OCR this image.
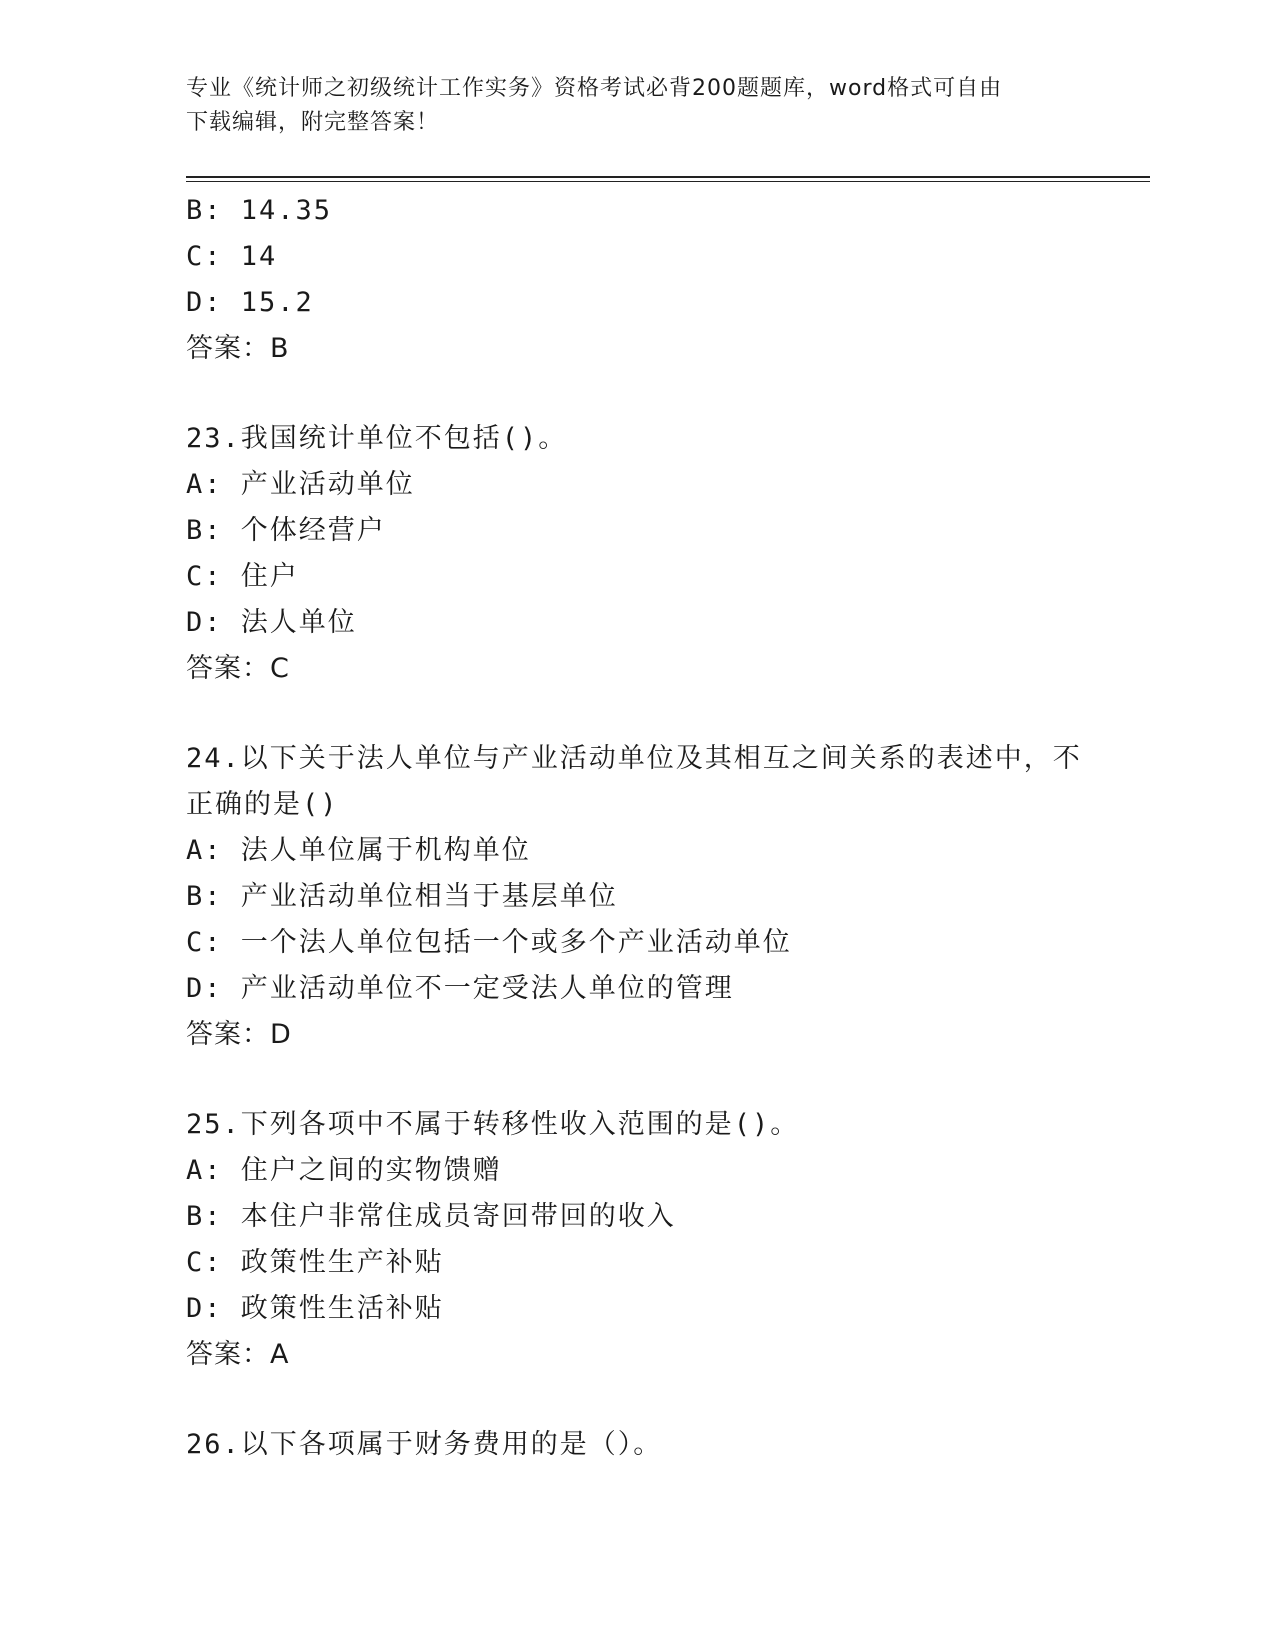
专业《统计师之初级统计工作实务》资格考试必背200题题库，word格式可自由
下载编辑，附完整答案！
B: 14.35
C: 14
D: 15.2
答案：B
23.我国统计单位不包括()。
A: 产业活动单位
B: 个体经营户
C: 住户
D: 法人单位
答案：C
24.以下关于法人单位与产业活动单位及其相互之间关系的表述中，不
正确的是()
A: 法人单位属于机构单位
B: 产业活动单位相当于基层单位
C: 一个法人单位包括一个或多个产业活动单位
D: 产业活动单位不一定受法人单位的管理
答案：D
25.下列各项中不属于转移性收入范围的是()。
A: 住户之间的实物馈赠
B: 本住户非常住成员寄回带回的收入
C: 政策性生产补贴
D: 政策性生活补贴
答案：A
26.以下各项属于财务费用的是（）。
